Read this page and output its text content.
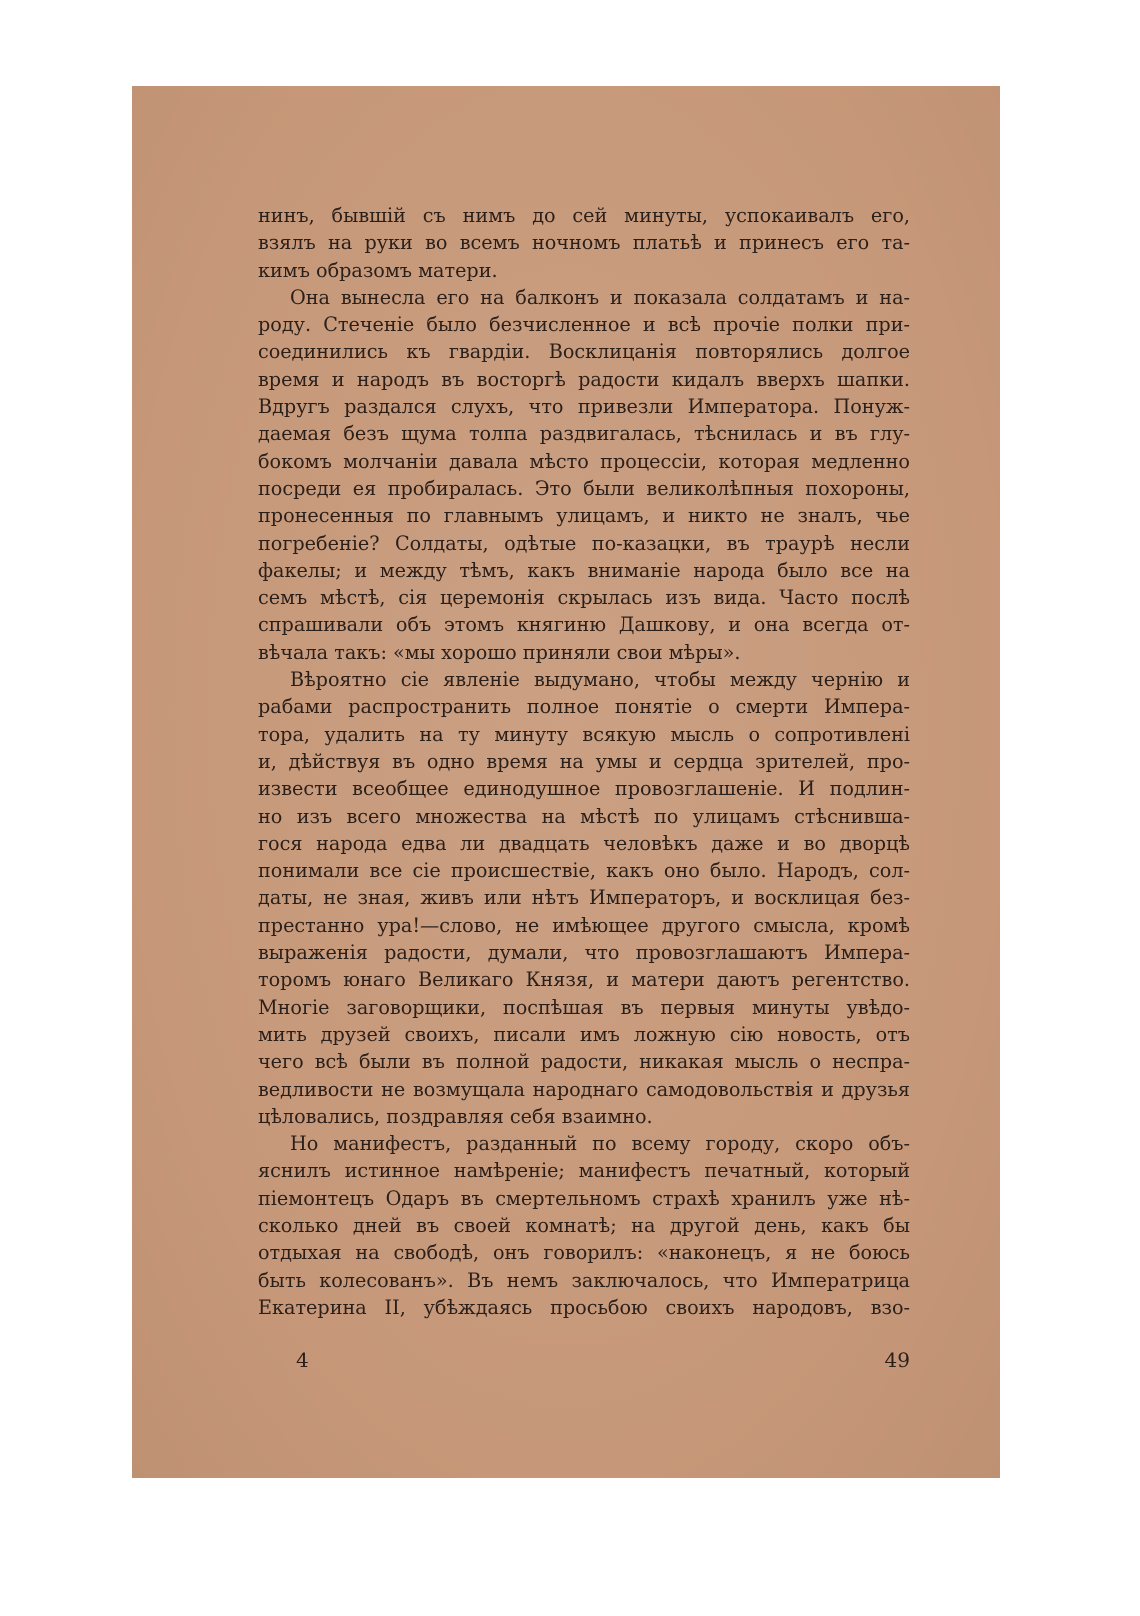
нинъ, бывшій съ нимъ до сей минуты, успокаивалъ его,
взялъ на руки во всемъ ночномъ платьѣ и принесъ его та-
кимъ образомъ матери.
Она вынесла его на балконъ и показала солдатамъ и на-
роду. Стеченіе было безчисленное и всѣ прочіе полки при-
соединились къ гвардіи. Восклицанія повторялись долгое
время и народъ въ восторгѣ радости кидалъ вверхъ шапки.
Вдругъ раздался слухъ, что привезли Императора. Понуж-
даемая безъ щума толпа раздвигалась, тѣснилась и въ глу-
бокомъ молчаніи давала мѣсто процессіи, которая медленно
посреди ея пробиралась. Это были великолѣпныя похороны,
пронесенныя по главнымъ улицамъ, и никто не зналъ, чье
погребеніе? Солдаты, одѣтые по-казацки, въ траурѣ несли
факелы; и между тѣмъ, какъ вниманіе народа было все на
семъ мѣстѣ, сія церемонія скрылась изъ вида. Часто послѣ
спрашивали объ этомъ княгиню Дашкову, и она всегда от-
вѣчала такъ: «мы хорошо приняли свои мѣры».
Вѣроятно сіе явленіе выдумано, чтобы между чернію и
рабами распространить полное понятіе о смерти Импера-
тора, удалить на ту минуту всякую мысль о сопротивлені
и, дѣйствуя въ одно время на умы и сердца зрителей, про-
извести всеобщее единодушное провозглашеніе. И подлин-
но изъ всего множества на мѣстѣ по улицамъ стѣснивша-
гося народа едва ли двадцать человѣкъ даже и во дворцѣ
понимали все сіе происшествіе, какъ оно было. Народъ, сол-
даты, не зная, живъ или нѣтъ Императоръ, и восклицая без-
престанно ура!—слово, не имѣющее другого смысла, кромѣ
выраженія радости, думали, что провозглашаютъ Импера-
торомъ юнаго Великаго Князя, и матери даютъ регентство.
Многіе заговорщики, поспѣшая въ первыя минуты увѣдо-
мить друзей своихъ, писали имъ ложную сію новость, отъ
чего всѣ были въ полной радости, никакая мысль о неспра-
ведливости не возмущала народнаго самодовольствія и друзья
цѣловались, поздравляя себя взаимно.
Но манифестъ, разданный по всему городу, скоро объ-
яснилъ истинное намѣреніе; манифестъ печатный, который
піемонтецъ Одаръ въ смертельномъ страхѣ хранилъ уже нѣ-
сколько дней въ своей комнатѣ; на другой день, какъ бы
отдыхая на свободѣ, онъ говорилъ: «наконецъ, я не боюсь
быть колесованъ». Въ немъ заключалось, что Императрица
Екатерина II, убѣждаясь просьбою своихъ народовъ, взо-
4	49
